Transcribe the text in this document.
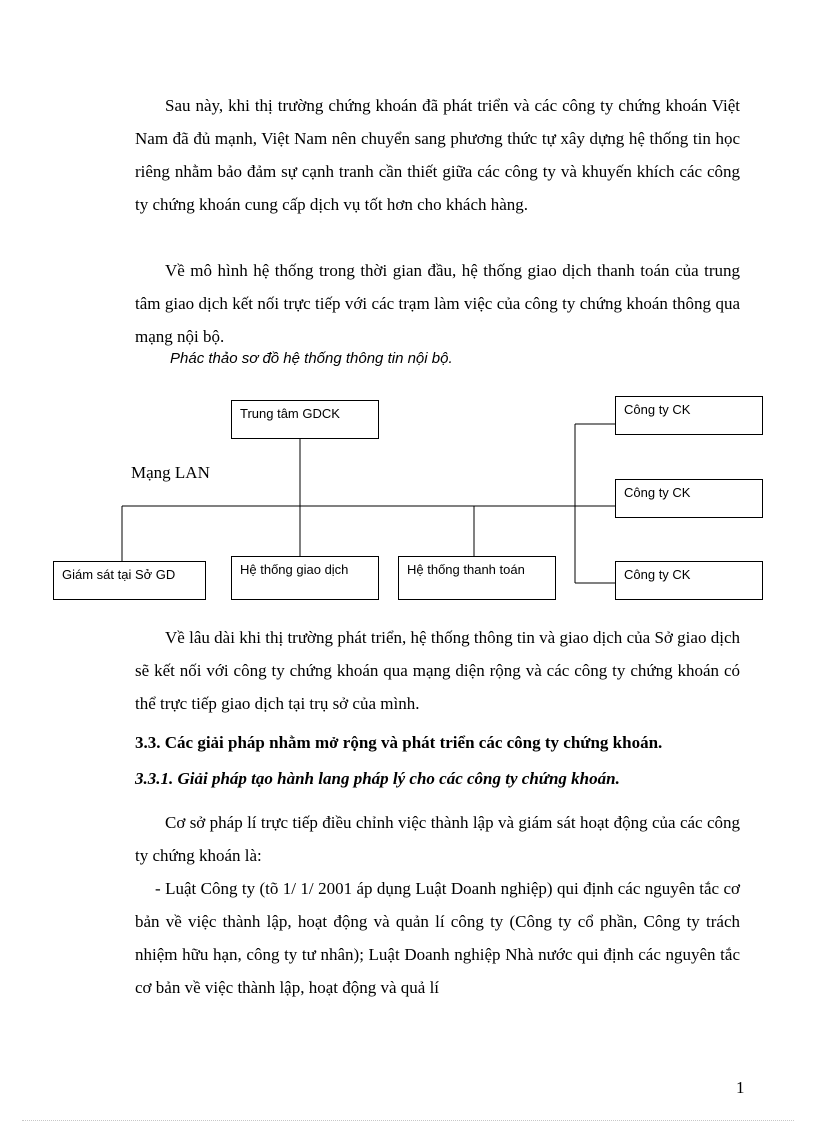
Sau này, khi thị trường chứng khoán đã phát triển và các công ty chứng khoán Việt Nam đã đủ mạnh, Việt Nam nên chuyển sang phương thức tự xây dựng hệ thống tin học riêng nhằm bảo đảm sự cạnh tranh cần thiết giữa các công ty và khuyến khích các công ty chứng khoán cung cấp dịch vụ tốt hơn cho khách hàng.

Về mô hình hệ thống trong thời gian đầu, hệ thống giao dịch thanh toán của trung tâm giao dịch kết nối trực tiếp với các trạm làm việc của công ty chứng khoán thông qua mạng nội bộ.

Phác thảo sơ đồ hệ thống thông tin nội bộ.

Trung tâm GDCK
Mạng LAN
Giám sát tại Sở GD	Hệ thống giao dịch	Hệ thống thanh toán
Công ty CK
Công ty CK
Công ty CK

Về lâu dài khi thị trường phát triển, hệ thống thông tin và giao dịch của Sở giao dịch sẽ kết nối với công ty chứng khoán qua mạng diện rộng và các công ty chứng khoán có thể trực tiếp giao dịch tại trụ sở của mình.

3.3. Các giải pháp nhằm mở rộng và phát triển các công ty chứng khoán.

3.3.1. Giải pháp tạo hành lang pháp lý cho các công ty chứng khoán.

Cơ sở pháp lí trực tiếp điều chỉnh việc thành lập và giám sát hoạt động của các công ty chứng khoán là:

- Luật Công ty (tõ 1/ 1/ 2001 áp dụng Luật Doanh nghiệp) qui định các nguyên tắc cơ bản về việc thành lập, hoạt động và quản lí công ty (Công ty cổ phần, Công ty trách nhiệm hữu hạn, công ty tư nhân); Luật Doanh nghiệp Nhà nước qui định các nguyên tắc cơ bản về việc thành lập, hoạt động và quả lí

1
